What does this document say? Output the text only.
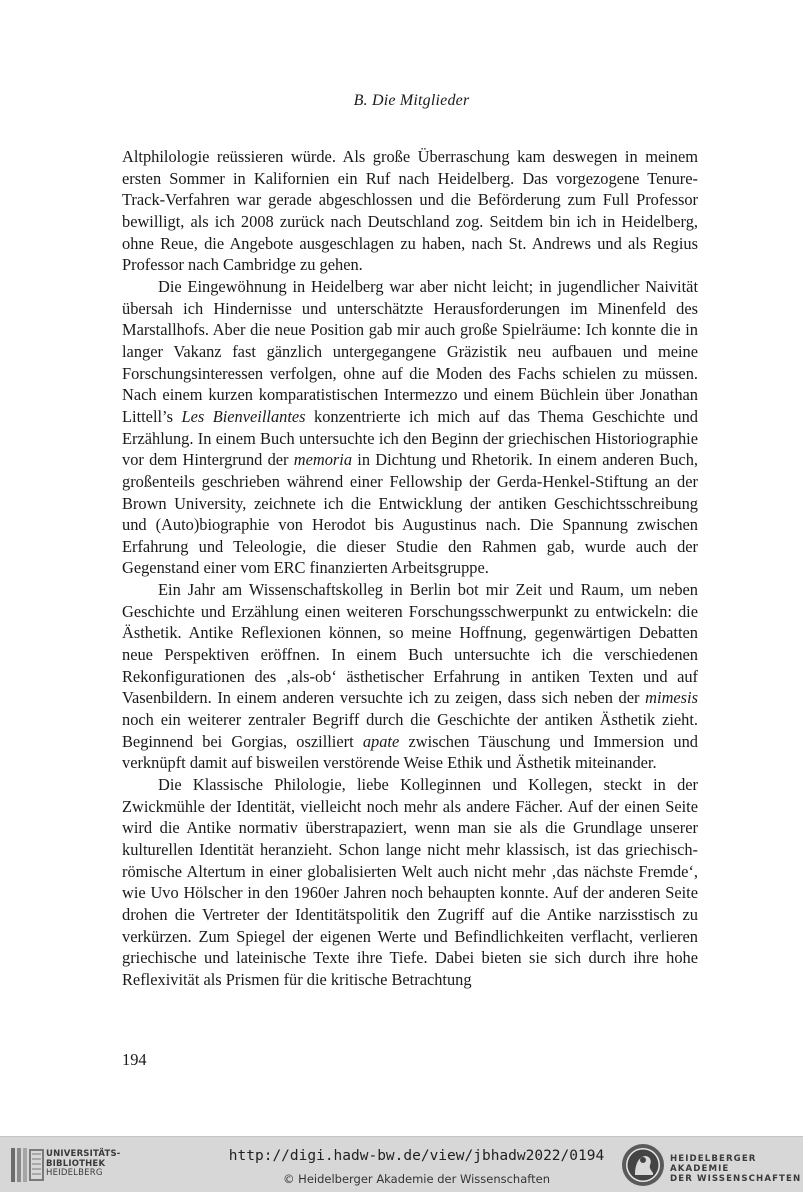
B. Die Mitglieder

Altphilologie reüssieren würde. Als große Überraschung kam deswegen in meinem ersten Sommer in Kalifornien ein Ruf nach Heidelberg. Das vorgezogene Tenure-Track-Verfahren war gerade abgeschlossen und die Beförderung zum Full Professor bewilligt, als ich 2008 zurück nach Deutschland zog. Seitdem bin ich in Heidelberg, ohne Reue, die Angebote ausgeschlagen zu haben, nach St. Andrews und als Regius Professor nach Cambridge zu gehen.

Die Eingewöhnung in Heidelberg war aber nicht leicht; in jugendlicher Naivität übersah ich Hindernisse und unterschätzte Herausforderungen im Minenfeld des Marstallhofs. Aber die neue Position gab mir auch große Spielräume: Ich konnte die in langer Vakanz fast gänzlich untergegangene Gräzistik neu aufbauen und meine Forschungsinteressen verfolgen, ohne auf die Moden des Fachs schielen zu müssen. Nach einem kurzen komparatistischen Intermezzo und einem Büchlein über Jonathan Littell’s Les Bienveillantes konzentrierte ich mich auf das Thema Geschichte und Erzählung. In einem Buch untersuchte ich den Beginn der griechischen Historiographie vor dem Hintergrund der memoria in Dichtung und Rhetorik. In einem anderen Buch, großenteils geschrieben während einer Fellowship der Gerda-Henkel-Stiftung an der Brown University, zeichnete ich die Entwicklung der antiken Geschichtsschreibung und (Auto)biographie von Herodot bis Augustinus nach. Die Spannung zwischen Erfahrung und Teleologie, die dieser Studie den Rahmen gab, wurde auch der Gegenstand einer vom ERC finanzierten Arbeitsgruppe.

Ein Jahr am Wissenschaftskolleg in Berlin bot mir Zeit und Raum, um neben Geschichte und Erzählung einen weiteren Forschungsschwerpunkt zu entwickeln: die Ästhetik. Antike Reflexionen können, so meine Hoffnung, gegenwärtigen Debatten neue Perspektiven eröffnen. In einem Buch untersuchte ich die verschiedenen Rekonfigurationen des ‚als-ob‘ ästhetischer Erfahrung in antiken Texten und auf Vasenbildern. In einem anderen versuchte ich zu zeigen, dass sich neben der mimesis noch ein weiterer zentraler Begriff durch die Geschichte der antiken Ästhetik zieht. Beginnend bei Gorgias, oszilliert apate zwischen Täuschung und Immersion und verknüpft damit auf bisweilen verstörende Weise Ethik und Ästhetik miteinander.

Die Klassische Philologie, liebe Kolleginnen und Kollegen, steckt in der Zwickmühle der Identität, vielleicht noch mehr als andere Fächer. Auf der einen Seite wird die Antike normativ überstrapaziert, wenn man sie als die Grundlage unserer kulturellen Identität heranzieht. Schon lange nicht mehr klassisch, ist das griechisch-römische Altertum in einer globalisierten Welt auch nicht mehr ‚das nächste Fremde‘, wie Uvo Hölscher in den 1960er Jahren noch behaupten konnte. Auf der anderen Seite drohen die Vertreter der Identitätspolitik den Zugriff auf die Antike narzisstisch zu verkürzen. Zum Spiegel der eigenen Werte und Befindlichkeiten verflacht, verlieren griechische und lateinische Texte ihre Tiefe. Dabei bieten sie sich durch ihre hohe Reflexivität als Prismen für die kritische Betrachtung

194
UNIVERSITÄTS-
BIBLIOTHEK
HEIDELBERG
http://digi.hadw-bw.de/view/jbhadw2022/0194
© Heidelberger Akademie der Wissenschaften
HEIDELBERGER AKADEMIE
DER WISSENSCHAFTEN
